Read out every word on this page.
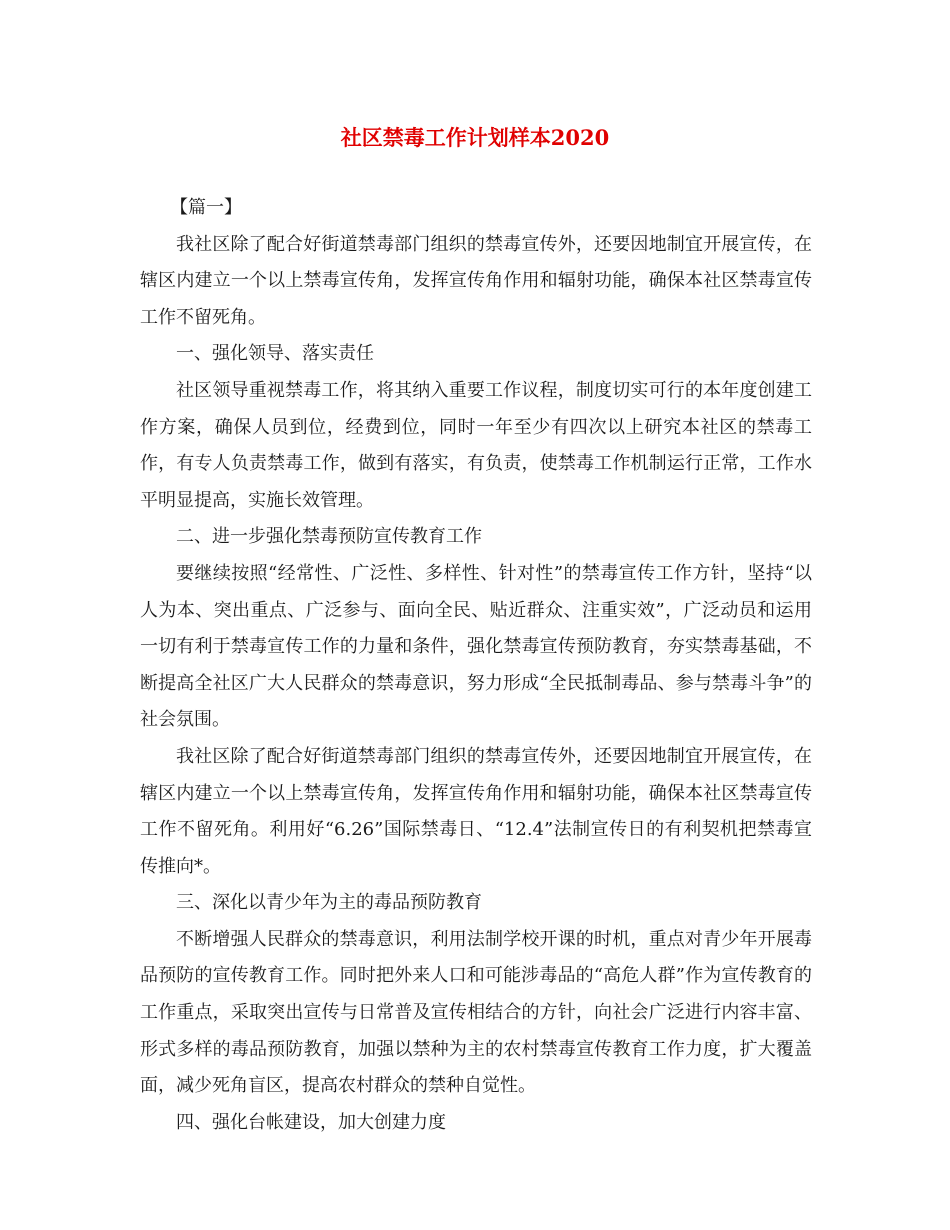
社区禁毒工作计划样本2020

【篇一】

我社区除了配合好街道禁毒部门组织的禁毒宣传外，还要因地制宜开展宣传，在辖区内建立一个以上禁毒宣传角，发挥宣传角作用和辐射功能，确保本社区禁毒宣传工作不留死角。

一、强化领导、落实责任

社区领导重视禁毒工作，将其纳入重要工作议程，制度切实可行的本年度创建工作方案，确保人员到位，经费到位，同时一年至少有四次以上研究本社区的禁毒工作，有专人负责禁毒工作，做到有落实，有负责，使禁毒工作机制运行正常，工作水平明显提高，实施长效管理。

二、进一步强化禁毒预防宣传教育工作

要继续按照“经常性、广泛性、多样性、针对性”的禁毒宣传工作方针，坚持“以人为本、突出重点、广泛参与、面向全民、贴近群众、注重实效”，广泛动员和运用一切有利于禁毒宣传工作的力量和条件，强化禁毒宣传预防教育，夯实禁毒基础，不断提高全社区广大人民群众的禁毒意识，努力形成“全民抵制毒品、参与禁毒斗争”的社会氛围。

我社区除了配合好街道禁毒部门组织的禁毒宣传外，还要因地制宜开展宣传，在辖区内建立一个以上禁毒宣传角，发挥宣传角作用和辐射功能，确保本社区禁毒宣传工作不留死角。利用好“6.26”国际禁毒日、“12.4”法制宣传日的有利契机把禁毒宣传推向*。

三、深化以青少年为主的毒品预防教育

不断增强人民群众的禁毒意识，利用法制学校开课的时机，重点对青少年开展毒品预防的宣传教育工作。同时把外来人口和可能涉毒品的“高危人群”作为宣传教育的工作重点，采取突出宣传与日常普及宣传相结合的方针，向社会广泛进行内容丰富、形式多样的毒品预防教育，加强以禁种为主的农村禁毒宣传教育工作力度，扩大覆盖面，减少死角盲区，提高农村群众的禁种自觉性。

四、强化台帐建设，加大创建力度
